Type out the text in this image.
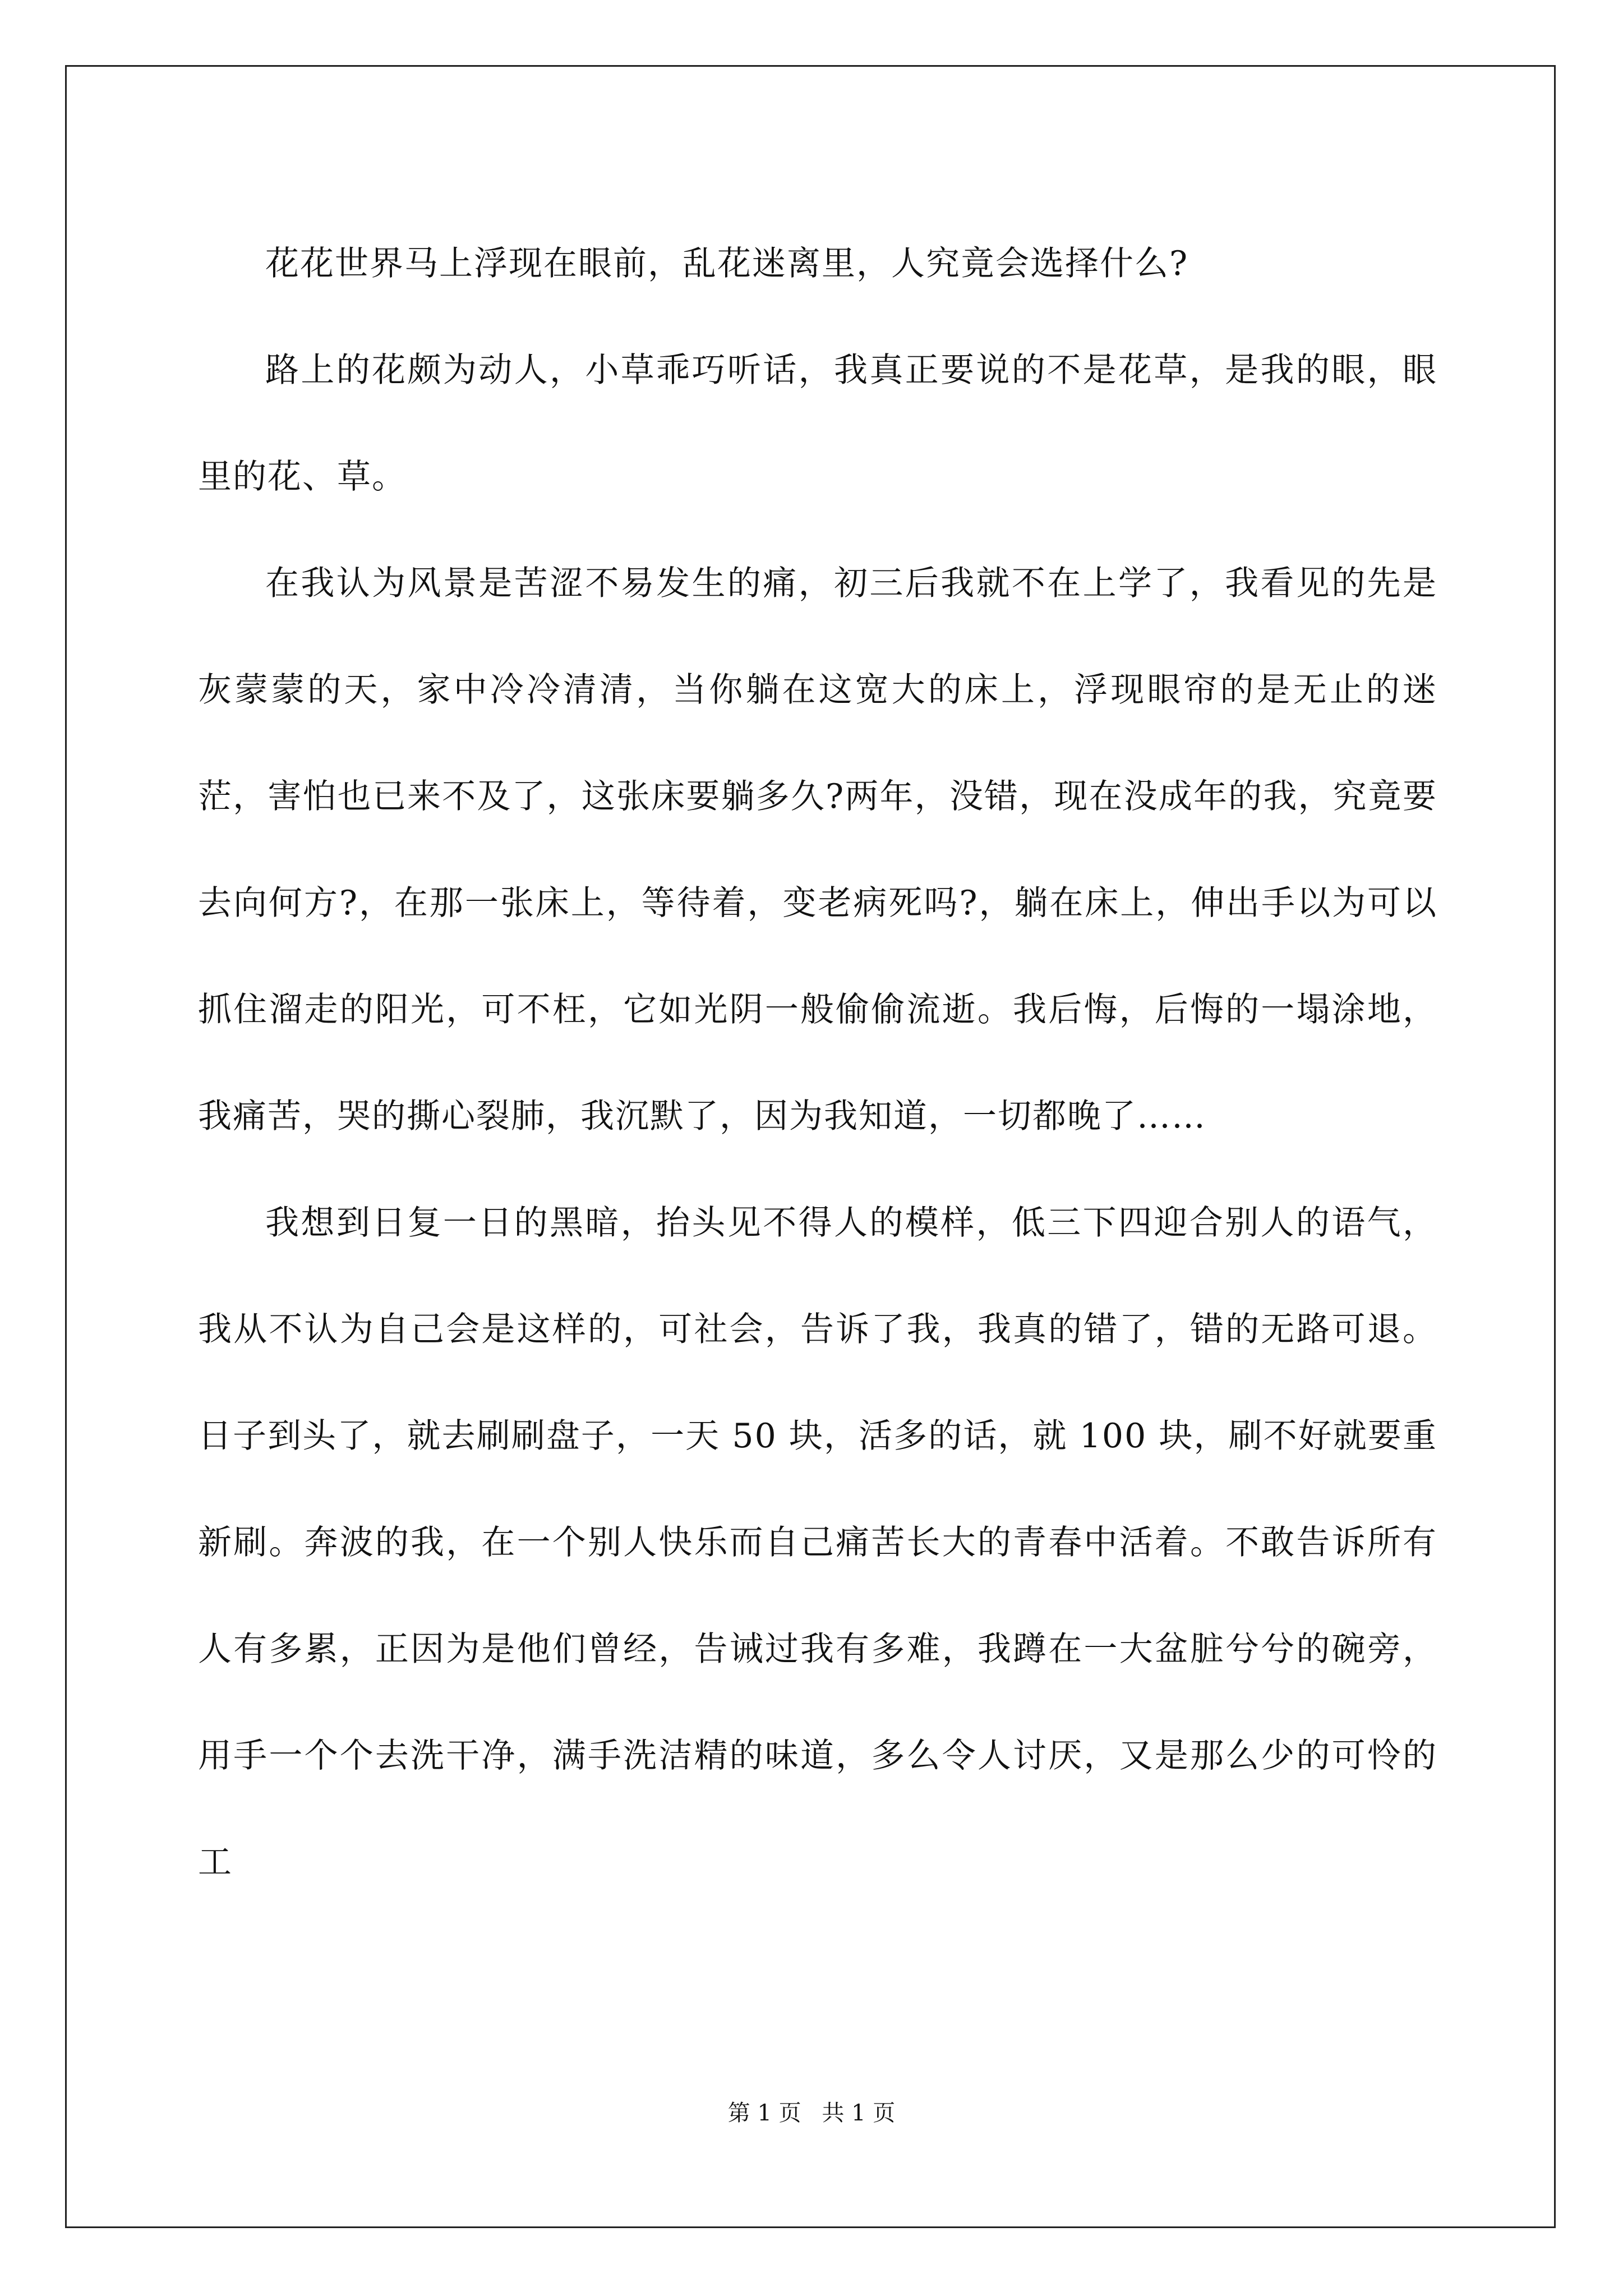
花花世界马上浮现在眼前，乱花迷离里，人究竟会选择什么?

路上的花颇为动人，小草乖巧听话，我真正要说的不是花草，是我的眼，眼里的花、草。

在我认为风景是苦涩不易发生的痛，初三后我就不在上学了，我看见的先是灰蒙蒙的天，家中冷冷清清，当你躺在这宽大的床上，浮现眼帘的是无止的迷茫，害怕也已来不及了，这张床要躺多久?两年，没错，现在没成年的我，究竟要去向何方?，在那一张床上，等待着，变老病死吗?，躺在床上，伸出手以为可以抓住溜走的阳光，可不枉，它如光阴一般偷偷流逝。我后悔，后悔的一塌涂地，我痛苦，哭的撕心裂肺，我沉默了，因为我知道，一切都晚了……

我想到日复一日的黑暗，抬头见不得人的模样，低三下四迎合别人的语气，我从不认为自己会是这样的，可社会，告诉了我，我真的错了，错的无路可退。日子到头了，就去刷刷盘子，一天 50 块，活多的话，就 100 块，刷不好就要重新刷。奔波的我，在一个别人快乐而自己痛苦长大的青春中活着。不敢告诉所有人有多累，正因为是他们曾经，告诫过我有多难，我蹲在一大盆脏兮兮的碗旁，用手一个个去洗干净，满手洗洁精的味道，多么令人讨厌，又是那么少的可怜的工

第 1 页 共 1 页
